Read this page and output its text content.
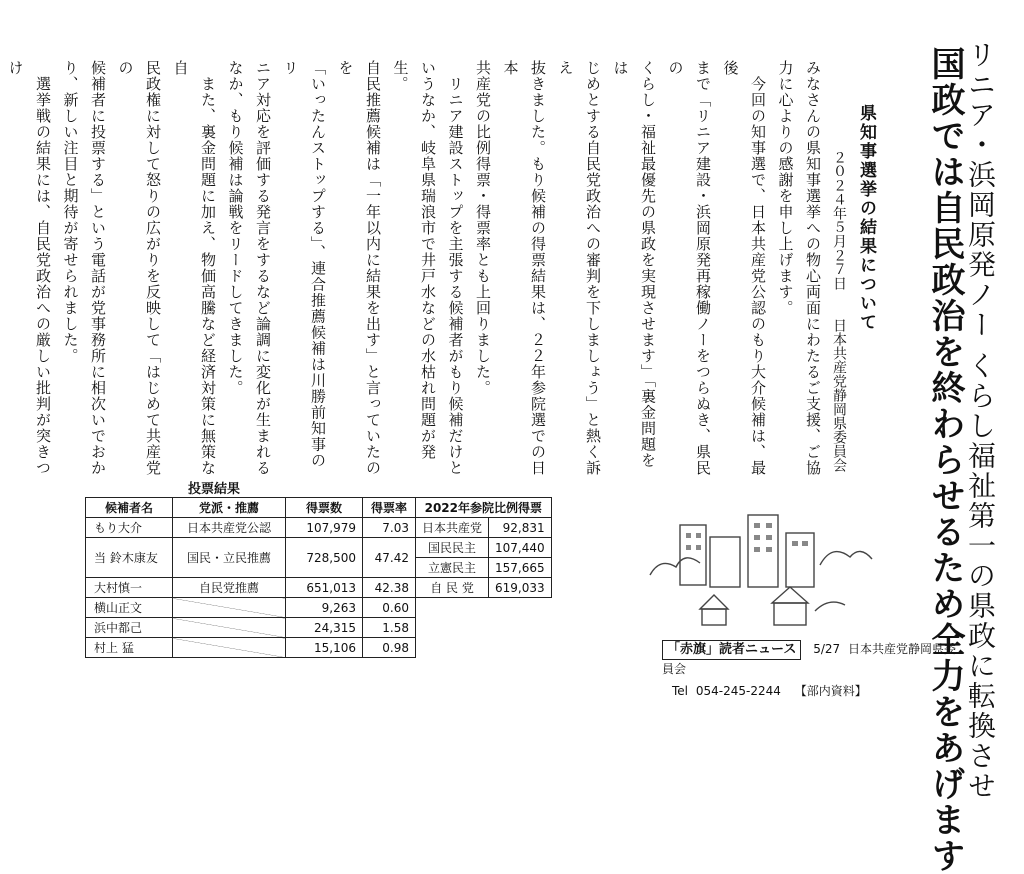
リニア・浜岡原発ノー くらし福祉第一の県政に転換させ
国政では自民政治を終わらせるため全力をあげます
県知事選挙の結果について
２０２４年５月２７日　　日本共産党静岡県委員会
みなさんの県知事選挙への物心両面にわたるご支援、ご協
力に心よりの感謝を申し上げます。
　今回の知事選で、日本共産党公認のもり大介候補は、最後
まで「リニア建設・浜岡原発再稼働ノーをつらぬき、県民の
くらし・福祉最優先の県政を実現させます」「裏金問題をは
じめとする自民党政治への審判を下しましょう」と熱く訴え
抜きました。もり候補の得票結果は、２２年参院選での日本
共産党の比例得票・得票率とも上回りました。
　リニア建設ストップを主張する候補者がもり候補だけと
いうなか、岐阜県瑞浪市で井戸水などの水枯れ問題が発生。
自民推薦候補は「一年以内に結果を出す」と言っていたのを
「いったんストップする」、連合推薦候補は川勝前知事のリ
ニア対応を評価する発言をするなど論調に変化が生まれる
なか、もり候補は論戦をリードしてきました。
　また、裏金問題に加え、物価高騰など経済対策に無策な自
民政権に対して怒りの広がりを反映して「はじめて共産党の
候補者に投票する」という電話が党事務所に相次いでおか
り、新しい注目と期待が寄せられました。
　選挙戦の結果には、自民党政治への厳しい批判が突きつけ

投票結果
候補者名	党派・推薦	得票数	得票率	2022年参院比例得票	
もり大介	日本共産党公認	107,979	7.03	日本共産党	92,831
当 鈴木康友	国民・立民推薦	728,500	47.42	国民民主	107,440
				立憲民主	157,665
大村慎一	自民党推薦	651,013	42.38	自 民 党	619,033
横山正文		9,263	0.60		
浜中都己		24,315	1.58		
村上 猛		15,106	0.98			「赤旗」読者ニュース 5/27 日本共産党静岡県委員会
Tel 054-245-2244 【部内資料】
